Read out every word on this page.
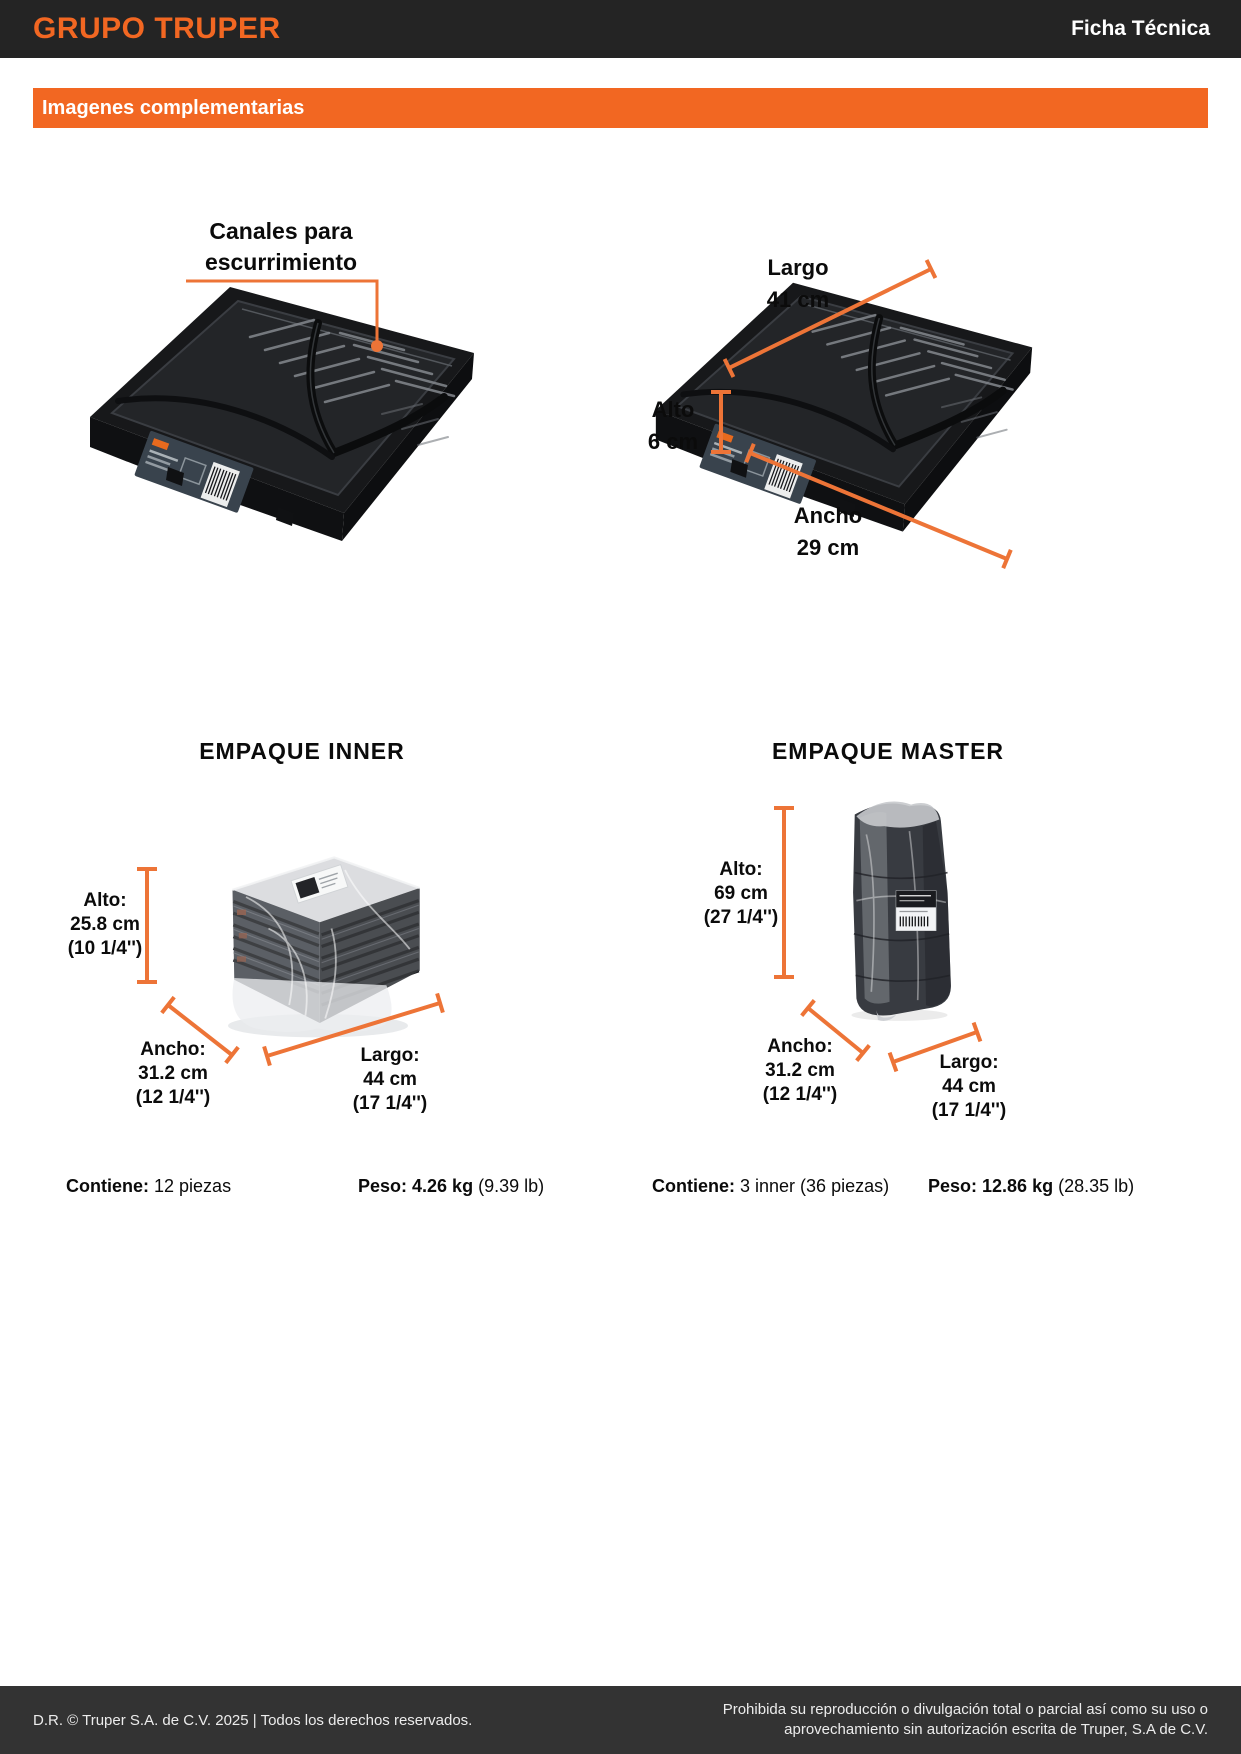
GRUPO TRUPER	Ficha Técnica
Imagenes complementarias
Canales para
escurrimiento	Largo
41 cm
Alto
6 cm
Ancho
29 cm
EMPAQUE INNER
Alto:
25.8 cm
(10 1/4'')
Ancho:
31.2 cm
(12 1/4'')
Largo:
44 cm
(17 1/4'')
Contiene: 12 piezas	Peso: 4.26 kg (9.39 lb)
EMPAQUE MASTER
Alto:
69 cm
(27 1/4'')
Ancho:
31.2 cm
(12 1/4'')
Largo:
44 cm
(17 1/4'')
Contiene: 3 inner (36 piezas) Peso: 12.86 kg (28.35 lb)
D.R. © Truper S.A. de C.V. 2025 | Todos los derechos reservados.
Prohibida su reproducción o divulgación total o parcial así como su uso o
aprovechamiento sin autorización escrita de Truper, S.A de C.V.
